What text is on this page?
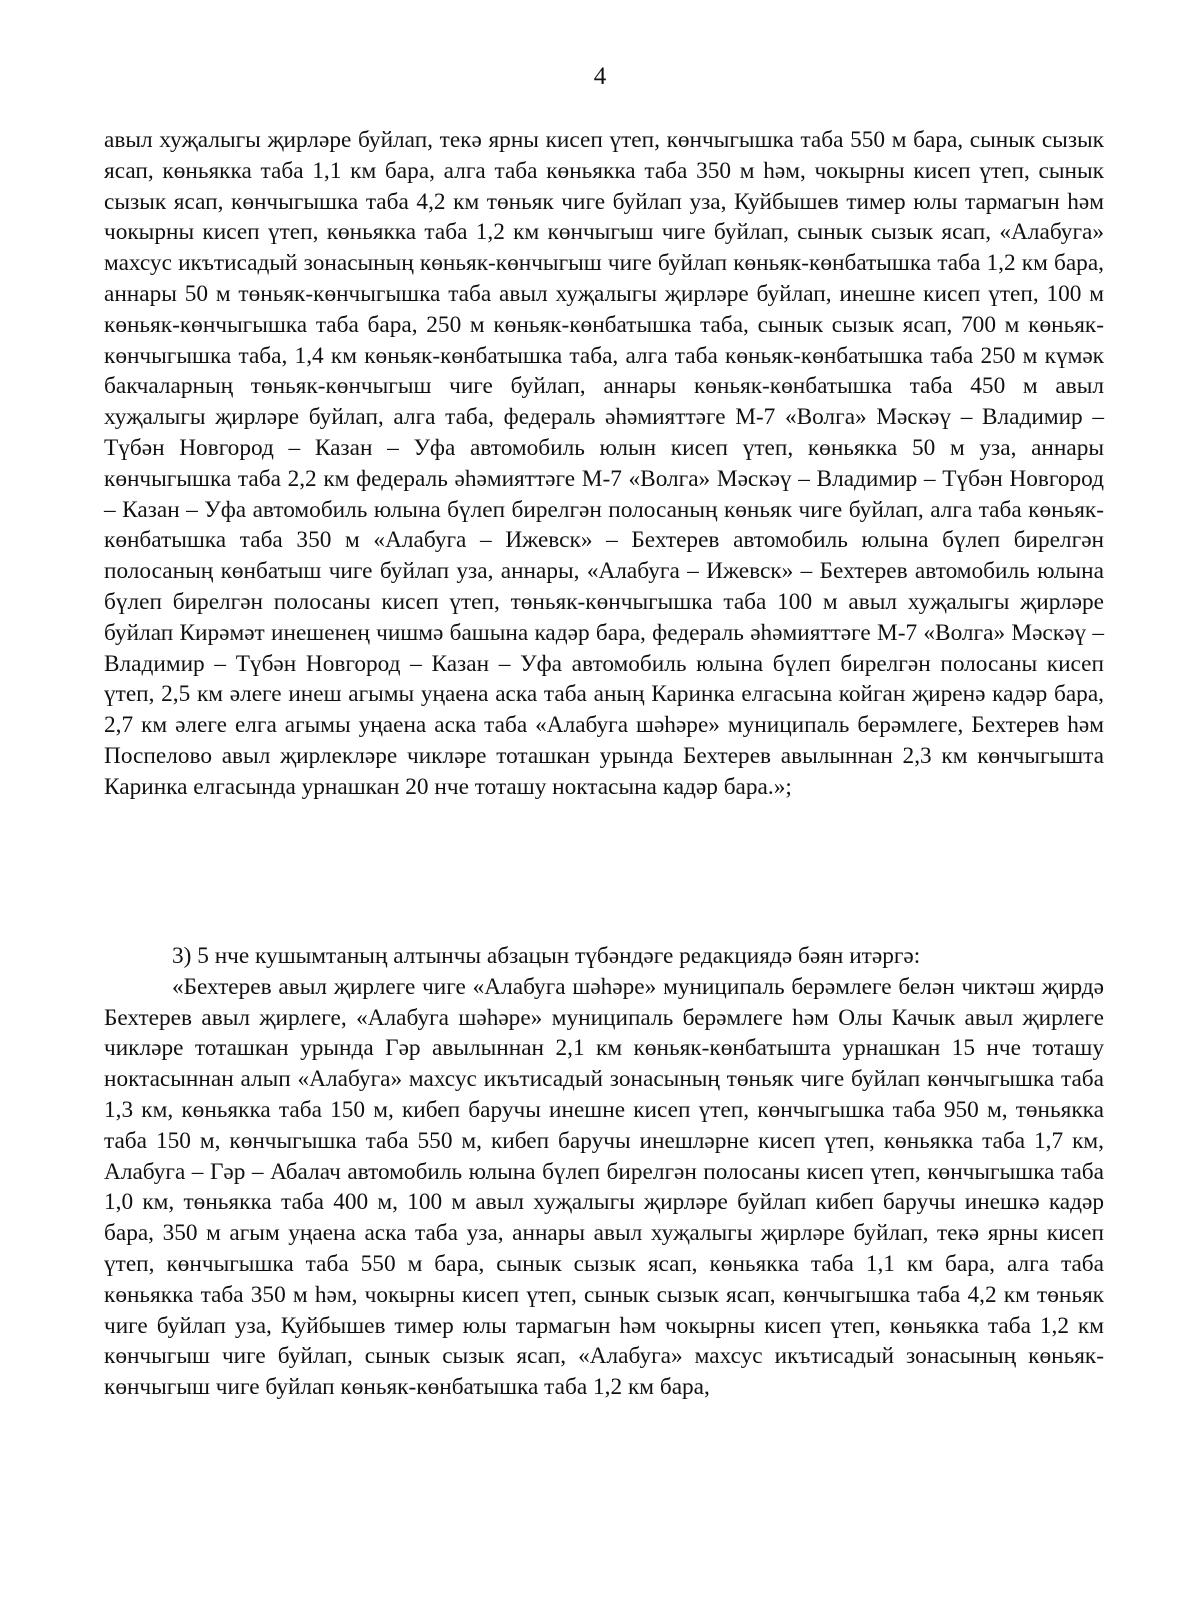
4

авыл хуҗалыгы җирләре буйлап, текә ярны кисеп үтеп, көнчыгышка таба 550 м бара, сынык сызык ясап, көньякка таба 1,1 км бара, алга таба көньякка таба 350 м һәм, чокырны кисеп үтеп, сынык сызык ясап, көнчыгышка таба 4,2 км төньяк чиге буйлап уза, Куйбышев тимер юлы тармагын һәм чокырны кисеп үтеп, көньякка таба 1,2 км көнчыгыш чиге буйлап, сынык сызык ясап, «Алабуга» махсус икътисадый зонасының көньяк-көнчыгыш чиге буйлап көньяк-көнбатышка таба 1,2 км бара, аннары 50 м төньяк-көнчыгышка таба авыл хуҗалыгы җирләре буйлап, инешне кисеп үтеп, 100 м көньяк-көнчыгышка таба бара, 250 м көньяк-көнбатышка таба, сынык сызык ясап, 700 м көньяк-көнчыгышка таба, 1,4 км көньяк-көнбатышка таба, алга таба көньяк-көнбатышка таба 250 м күмәк бакчаларның төньяк-көнчыгыш чиге буйлап, аннары көньяк-көнбатышка таба 450 м авыл хуҗалыгы җирләре буйлап, алга таба, федераль әһәмияттәге М-7 «Волга» Мәскәү – Владимир – Түбән Новгород – Казан – Уфа автомобиль юлын кисеп үтеп, көньякка 50 м уза, аннары көнчыгышка таба 2,2 км федераль әһәмияттәге М-7 «Волга» Мәскәү – Владимир – Түбән Новгород – Казан – Уфа автомобиль юлына бүлеп бирелгән полосаның көньяк чиге буйлап, алга таба көньяк-көнбатышка таба 350 м «Алабуга – Ижевск» – Бехтерев автомобиль юлына бүлеп бирелгән полосаның көнбатыш чиге буйлап уза, аннары, «Алабуга – Ижевск» – Бехтерев автомобиль юлына бүлеп бирелгән полосаны кисеп үтеп, төньяк-көнчыгышка таба 100 м авыл хуҗалыгы җирләре буйлап Кирәмәт инешенең чишмә башына кадәр бара, федераль әһәмияттәге М-7 «Волга» Мәскәү – Владимир – Түбән Новгород – Казан – Уфа автомобиль юлына бүлеп бирелгән полосаны кисеп үтеп, 2,5 км әлеге инеш агымы уңаена аска таба аның Каринка елгасына койган җиренә кадәр бара, 2,7 км әлеге елга агымы уңаена аска таба «Алабуга шәһәре» муниципаль берәмлеге, Бехтерев һәм Поспелово авыл җирлекләре чикләре тоташкан урында Бехтерев авылыннан 2,3 км көнчыгышта Каринка елгасында урнашкан 20 нче тоташу ноктасына кадәр бара.»;

3) 5 нче кушымтаның алтынчы абзацын түбәндәге редакциядә бәян итәргә:

«Бехтерев авыл җирлеге чиге «Алабуга шәһәре» муниципаль берәмлеге белән чиктәш җирдә Бехтерев авыл җирлеге, «Алабуга шәһәре» муниципаль берәмлеге һәм Олы Качык авыл җирлеге чикләре тоташкан урында Гәр авылыннан 2,1 км көньяк-көнбатышта урнашкан 15 нче тоташу ноктасыннан алып «Алабуга» махсус икътисадый зонасының төньяк чиге буйлап көнчыгышка таба 1,3 км, көньякка таба 150 м, кибеп баручы инешне кисеп үтеп, көнчыгышка таба 950 м, төньякка таба 150 м, көнчыгышка таба 550 м, кибеп баручы инешләрне кисеп үтеп, көньякка таба 1,7 км, Алабуга – Гәр – Абалач автомобиль юлына бүлеп бирелгән полосаны кисеп үтеп, көнчыгышка таба 1,0 км, төньякка таба 400 м, 100 м авыл хуҗалыгы җирләре буйлап кибеп баручы инешкә кадәр бара, 350 м агым уңаена аска таба уза, аннары авыл хуҗалыгы җирләре буйлап, текә ярны кисеп үтеп, көнчыгышка таба 550 м бара, сынык сызык ясап, көньякка таба 1,1 км бара, алга таба көньякка таба 350 м һәм, чокырны кисеп үтеп, сынык сызык ясап, көнчыгышка таба 4,2 км төньяк чиге буйлап уза, Куйбышев тимер юлы тармагын һәм чокырны кисеп үтеп, көньякка таба 1,2 км көнчыгыш чиге буйлап, сынык сызык ясап, «Алабуга» махсус икътисадый зонасының көньяк-көнчыгыш чиге буйлап көньяк-көнбатышка таба 1,2 км бара,
